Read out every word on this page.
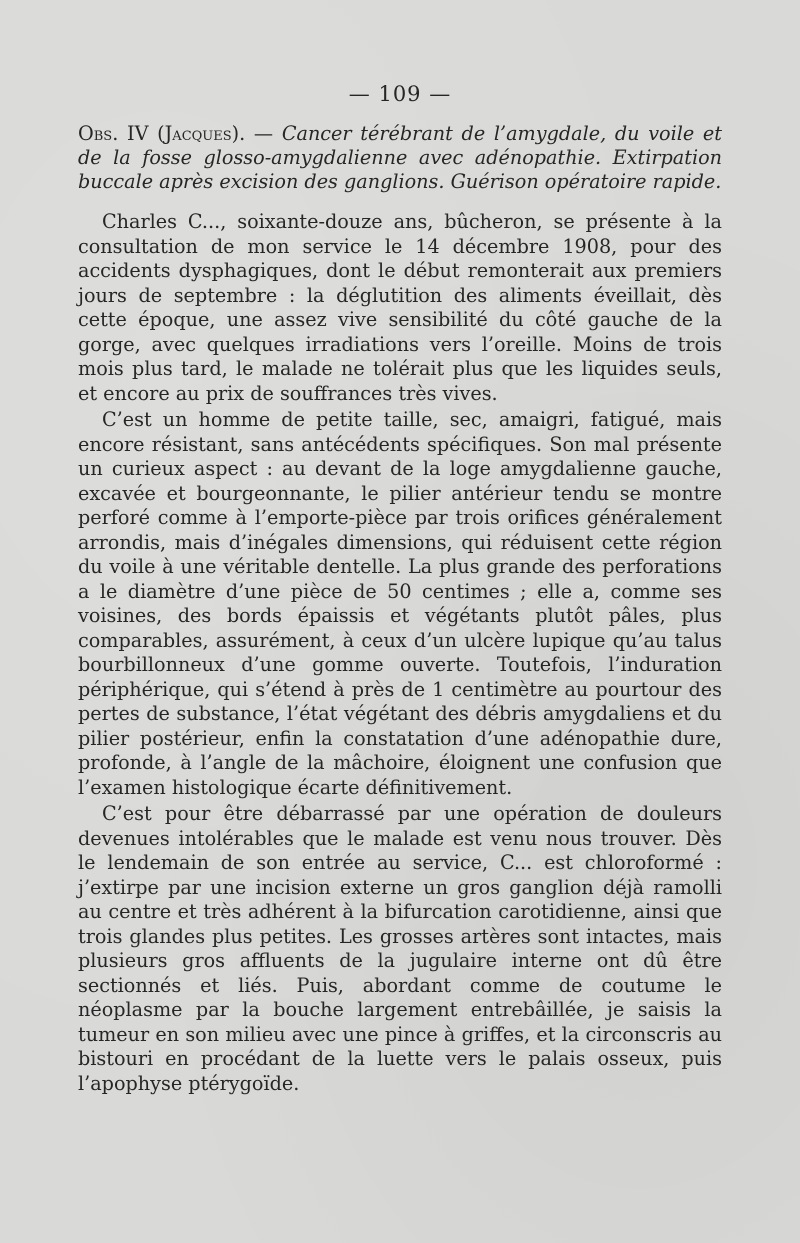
— 109 —
Obs. IV (Jacques). — Cancer térébrant de l’amygdale, du voile et de la fosse glosso-amygdalienne avec adénopathie. Extirpation buccale après excision des ganglions. Guérison opératoire rapide.

Charles C..., soixante-douze ans, bûcheron, se présente à la consultation de mon service le 14 décembre 1908, pour des accidents dysphagiques, dont le début remonterait aux premiers jours de septembre : la déglutition des aliments éveillait, dès cette époque, une assez vive sensibilité du côté gauche de la gorge, avec quelques irradiations vers l’oreille. Moins de trois mois plus tard, le malade ne tolérait plus que les liquides seuls, et encore au prix de souffrances très vives.

C’est un homme de petite taille, sec, amaigri, fatigué, mais encore résistant, sans antécédents spécifiques. Son mal présente un curieux aspect : au devant de la loge amygdalienne gauche, excavée et bourgeonnante, le pilier antérieur tendu se montre perforé comme à l’emporte-pièce par trois orifices généralement arrondis, mais d’inégales dimensions, qui réduisent cette région du voile à une véritable dentelle. La plus grande des perforations a le diamètre d’une pièce de 50 centimes ; elle a, comme ses voisines, des bords épaissis et végétants plutôt pâles, plus comparables, assurément, à ceux d’un ulcère lupique qu’au talus bourbillonneux d’une gomme ouverte. Toutefois, l’induration périphérique, qui s’étend à près de 1 centimètre au pourtour des pertes de substance, l’état végétant des débris amygdaliens et du pilier postérieur, enfin la constatation d’une adénopathie dure, profonde, à l’angle de la mâchoire, éloignent une confusion que l’examen histologique écarte définitivement.

C’est pour être débarrassé par une opération de douleurs devenues intolérables que le malade est venu nous trouver. Dès le lendemain de son entrée au service, C... est chloroformé : j’extirpe par une incision externe un gros ganglion déjà ramolli au centre et très adhérent à la bifurcation carotidienne, ainsi que trois glandes plus petites. Les grosses artères sont intactes, mais plusieurs gros affluents de la jugulaire interne ont dû être sectionnés et liés. Puis, abordant comme de coutume le néoplasme par la bouche largement entrebâillée, je saisis la tumeur en son milieu avec une pince à griffes, et la circonscris au bistouri en procédant de la luette vers le palais osseux, puis l’apophyse ptérygoïde.
